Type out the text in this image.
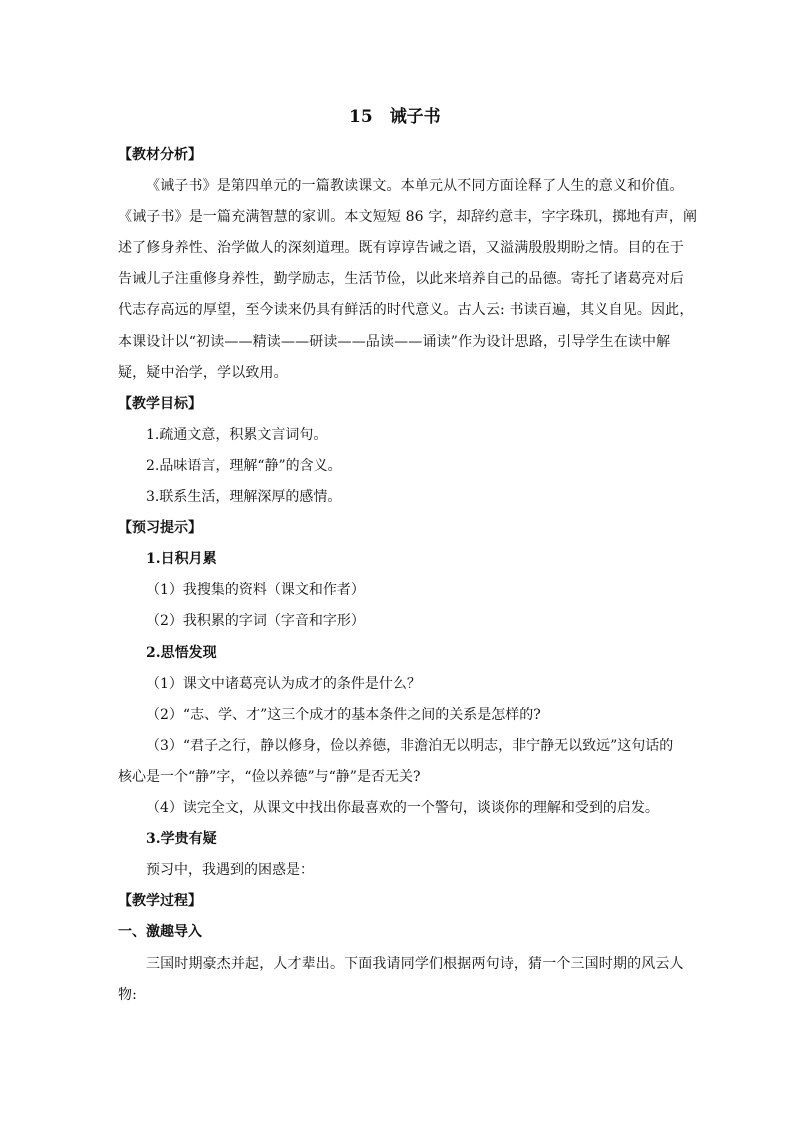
15　诫子书
【教材分析】
《诫子书》是第四单元的一篇教读课文。本单元从不同方面诠释了人生的意义和价值。
《诫子书》是一篇充满智慧的家训。本文短短 86 字，却辞约意丰，字字珠玑，掷地有声，阐
述了修身养性、治学做人的深刻道理。既有谆谆告诫之语，又溢满殷殷期盼之情。目的在于
告诫儿子注重修身养性，勤学励志，生活节俭，以此来培养自己的品德。寄托了诸葛亮对后
代志存高远的厚望，至今读来仍具有鲜活的时代意义。古人云: 书读百遍，其义自见。因此，
本课设计以“初读——精读——研读——品读——诵读”作为设计思路，引导学生在读中解
疑，疑中治学，学以致用。
【教学目标】
1.疏通文意，积累文言词句。
2.品味语言，理解“静”的含义。
3.联系生活，理解深厚的感情。
【预习提示】
1.日积月累
（1）我搜集的资料（课文和作者）
（2）我积累的字词（字音和字形）
2.思悟发现
（1）课文中诸葛亮认为成才的条件是什么？
（2）“志、学、才”这三个成才的基本条件之间的关系是怎样的?
（3）“君子之行，静以修身，俭以养德，非澹泊无以明志，非宁静无以致远”这句话的
核心是一个“静”字，“俭以养德”与“静”是否无关?
（4）读完全文，从课文中找出你最喜欢的一个警句，谈谈你的理解和受到的启发。
3.学贵有疑
预习中，我遇到的困惑是：
【教学过程】
一、激趣导入
三国时期豪杰并起，人才辈出。下面我请同学们根据两句诗，猜一个三国时期的风云人
物:
